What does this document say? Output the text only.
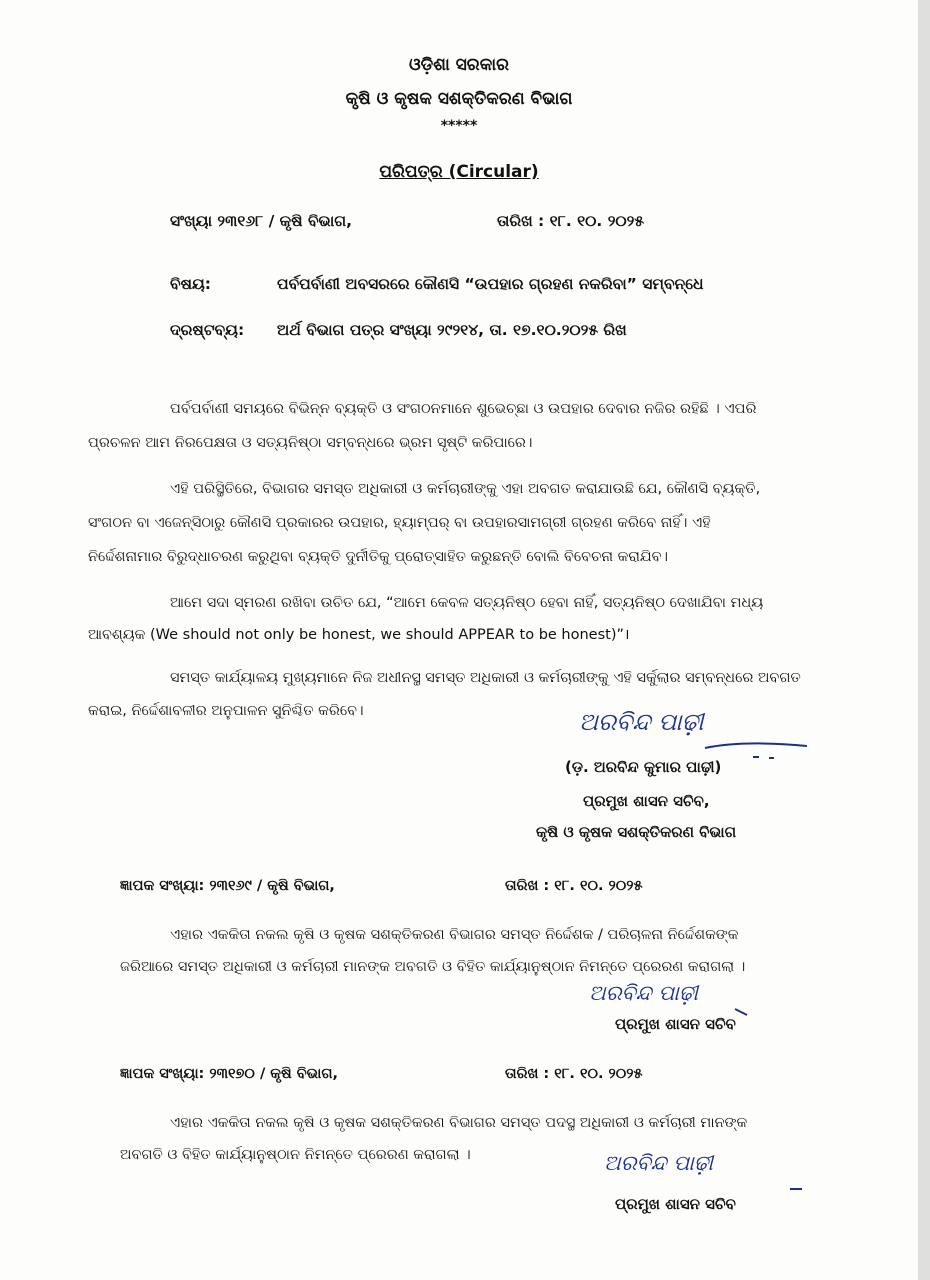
ଓଡ଼ିଶା ସରକାର
କୃଷି ଓ କୃଷକ ସଶକ୍ତିକରଣ ବିଭାଗ
*****
ପରିପତ୍ର (Circular)
ସଂଖ୍ୟା ୨୩୧୬୮ / କୃଷି ବିଭାଗ,	ତାରିଖ : ୧୮. ୧୦. ୨୦୨୫
ବିଷୟ:	ପର୍ବପର୍ବାଣୀ ଅବସରରେ କୌଣସି “ଉପହାର ଗ୍ରହଣ ନକରିବା” ସମ୍ବନ୍ଧେ
ଦ୍ରଷ୍ଟବ୍ୟ: ଅର୍ଥ ବିଭାଗ ପତ୍ର ସଂଖ୍ୟା ୨୯୨୧୪, ତା. ୧୭.୧୦.୨୦୨୫ ରିଖ
ପର୍ବପର୍ବାଣୀ ସମୟରେ ବିଭିନ୍ନ ବ୍ୟକ୍ତି ଓ ସଂଗଠନମାନେ ଶୁଭେଚ୍ଛା ଓ ଉପହାର ଦେବାର ନଜିର ରହିଛି । ଏପରି
ପ୍ରଚଳନ ଆମ ନିରପେକ୍ଷତା ଓ ସତ୍ୟନିଷ୍ଠା ସମ୍ବନ୍ଧରେ ଭ୍ରମ ସୃଷ୍ଟି କରିପାରେ।
ଏହି ପରିସ୍ଥିତିରେ, ବିଭାଗର ସମସ୍ତ ଅଧିକାରୀ ଓ କର୍ମଚାରୀଙ୍କୁ ଏହା ଅବଗତ କରାଯାଉଛି ଯେ, କୌଣସି ବ୍ୟକ୍ତି,
ସଂଗଠନ ବା ଏଜେନ୍ସିଠାରୁ କୌଣସି ପ୍ରକାରର ଉପହାର, ହ୍ୟାମ୍ପର୍ ବା ଉପହାରସାମଗ୍ରୀ ଗ୍ରହଣ କରିବେ ନାହିଁ। ଏହି
ନିର୍ଦ୍ଦେଶନାମାର ବିରୁଦ୍ଧାଚରଣ କରୁଥିବା ବ୍ୟକ୍ତି ଦୁର୍ନୀତିକୁ ପ୍ରୋତ୍ସାହିତ କରୁଛନ୍ତି ବୋଲି ବିବେଚନା କରାଯିବ।
ଆମେ ସଦା ସ୍ମରଣ ରଖିବା ଉଚିତ ଯେ, “ଆମେ କେବଳ ସତ୍ୟନିଷ୍ଠ ହେବା ନାହିଁ, ସତ୍ୟନିଷ୍ଠ ଦେଖାଯିବା ମଧ୍ୟ
ଆବଶ୍ୟକ (We should not only be honest, we should APPEAR to be honest)”।
ସମସ୍ତ କାର୍ଯ୍ୟାଳୟ ମୁଖ୍ୟମାନେ ନିଜ ଅଧୀନସ୍ଥ ସମସ୍ତ ଅଧିକାରୀ ଓ କର୍ମଚାରୀଙ୍କୁ ଏହି ସର୍କୁଲାର ସମ୍ବନ୍ଧରେ ଅବଗତ
କରାଇ, ନିର୍ଦ୍ଦେଶାବଳୀର ଅନୁପାଳନ ସୁନିଶ୍ଚିତ କରିବେ।	ଅରବିନ୍ଦ ପାଢ଼ୀ
(ଡ଼. ଅରବିନ୍ଦ କୁମାର ପାଢ଼ୀ)
ପ୍ରମୁଖ ଶାସନ ସଚିବ,
କୃଷି ଓ କୃଷକ ସଶକ୍ତିକରଣ ବିଭାଗ
ଜ୍ଞାପକ ସଂଖ୍ୟା: ୨୩୧୬୯ / କୃଷି ବିଭାଗ,	ତାରିଖ : ୧୮. ୧୦. ୨୦୨୫
ଏହାର ଏକକିତା ନକଲ କୃଷି ଓ କୃଷକ ସଶକ୍ତିକରଣ ବିଭାଗର ସମସ୍ତ ନିର୍ଦ୍ଦେଶକ / ପରିଚାଳନା ନିର୍ଦ୍ଦେଶକଙ୍କ
ଜରିଆରେ ସମସ୍ତ ଅଧିକାରୀ ଓ କର୍ମଚାରୀ ମାନଙ୍କ ଅବଗତି ଓ ବିହିତ କାର୍ଯ୍ୟାନୁଷ୍ଠାନ ନିମନ୍ତେ ପ୍ରେରଣ କରାଗଲା ।
ଅରବିନ୍ଦ ପାଢ଼ୀ
ପ୍ରମୁଖ ଶାସନ ସଚିବ
ଜ୍ଞାପକ ସଂଖ୍ୟା: ୨୩୧୭୦ / କୃଷି ବିଭାଗ,	ତାରିଖ : ୧୮. ୧୦. ୨୦୨୫
ଏହାର ଏକକିତା ନକଲ କୃଷି ଓ କୃଷକ ସଶକ୍ତିକରଣ ବିଭାଗର ସମସ୍ତ ପଦସ୍ଥ ଅଧିକାରୀ ଓ କର୍ମଚାରୀ ମାନଙ୍କ
ଅବଗତି ଓ ବିହିତ କାର୍ଯ୍ୟାନୁଷ୍ଠାନ ନିମନ୍ତେ ପ୍ରେରଣ କରାଗଲା ।	ଅରବିନ୍ଦ ପାଢ଼ୀ
ପ୍ରମୁଖ ଶାସନ ସଚିବ
